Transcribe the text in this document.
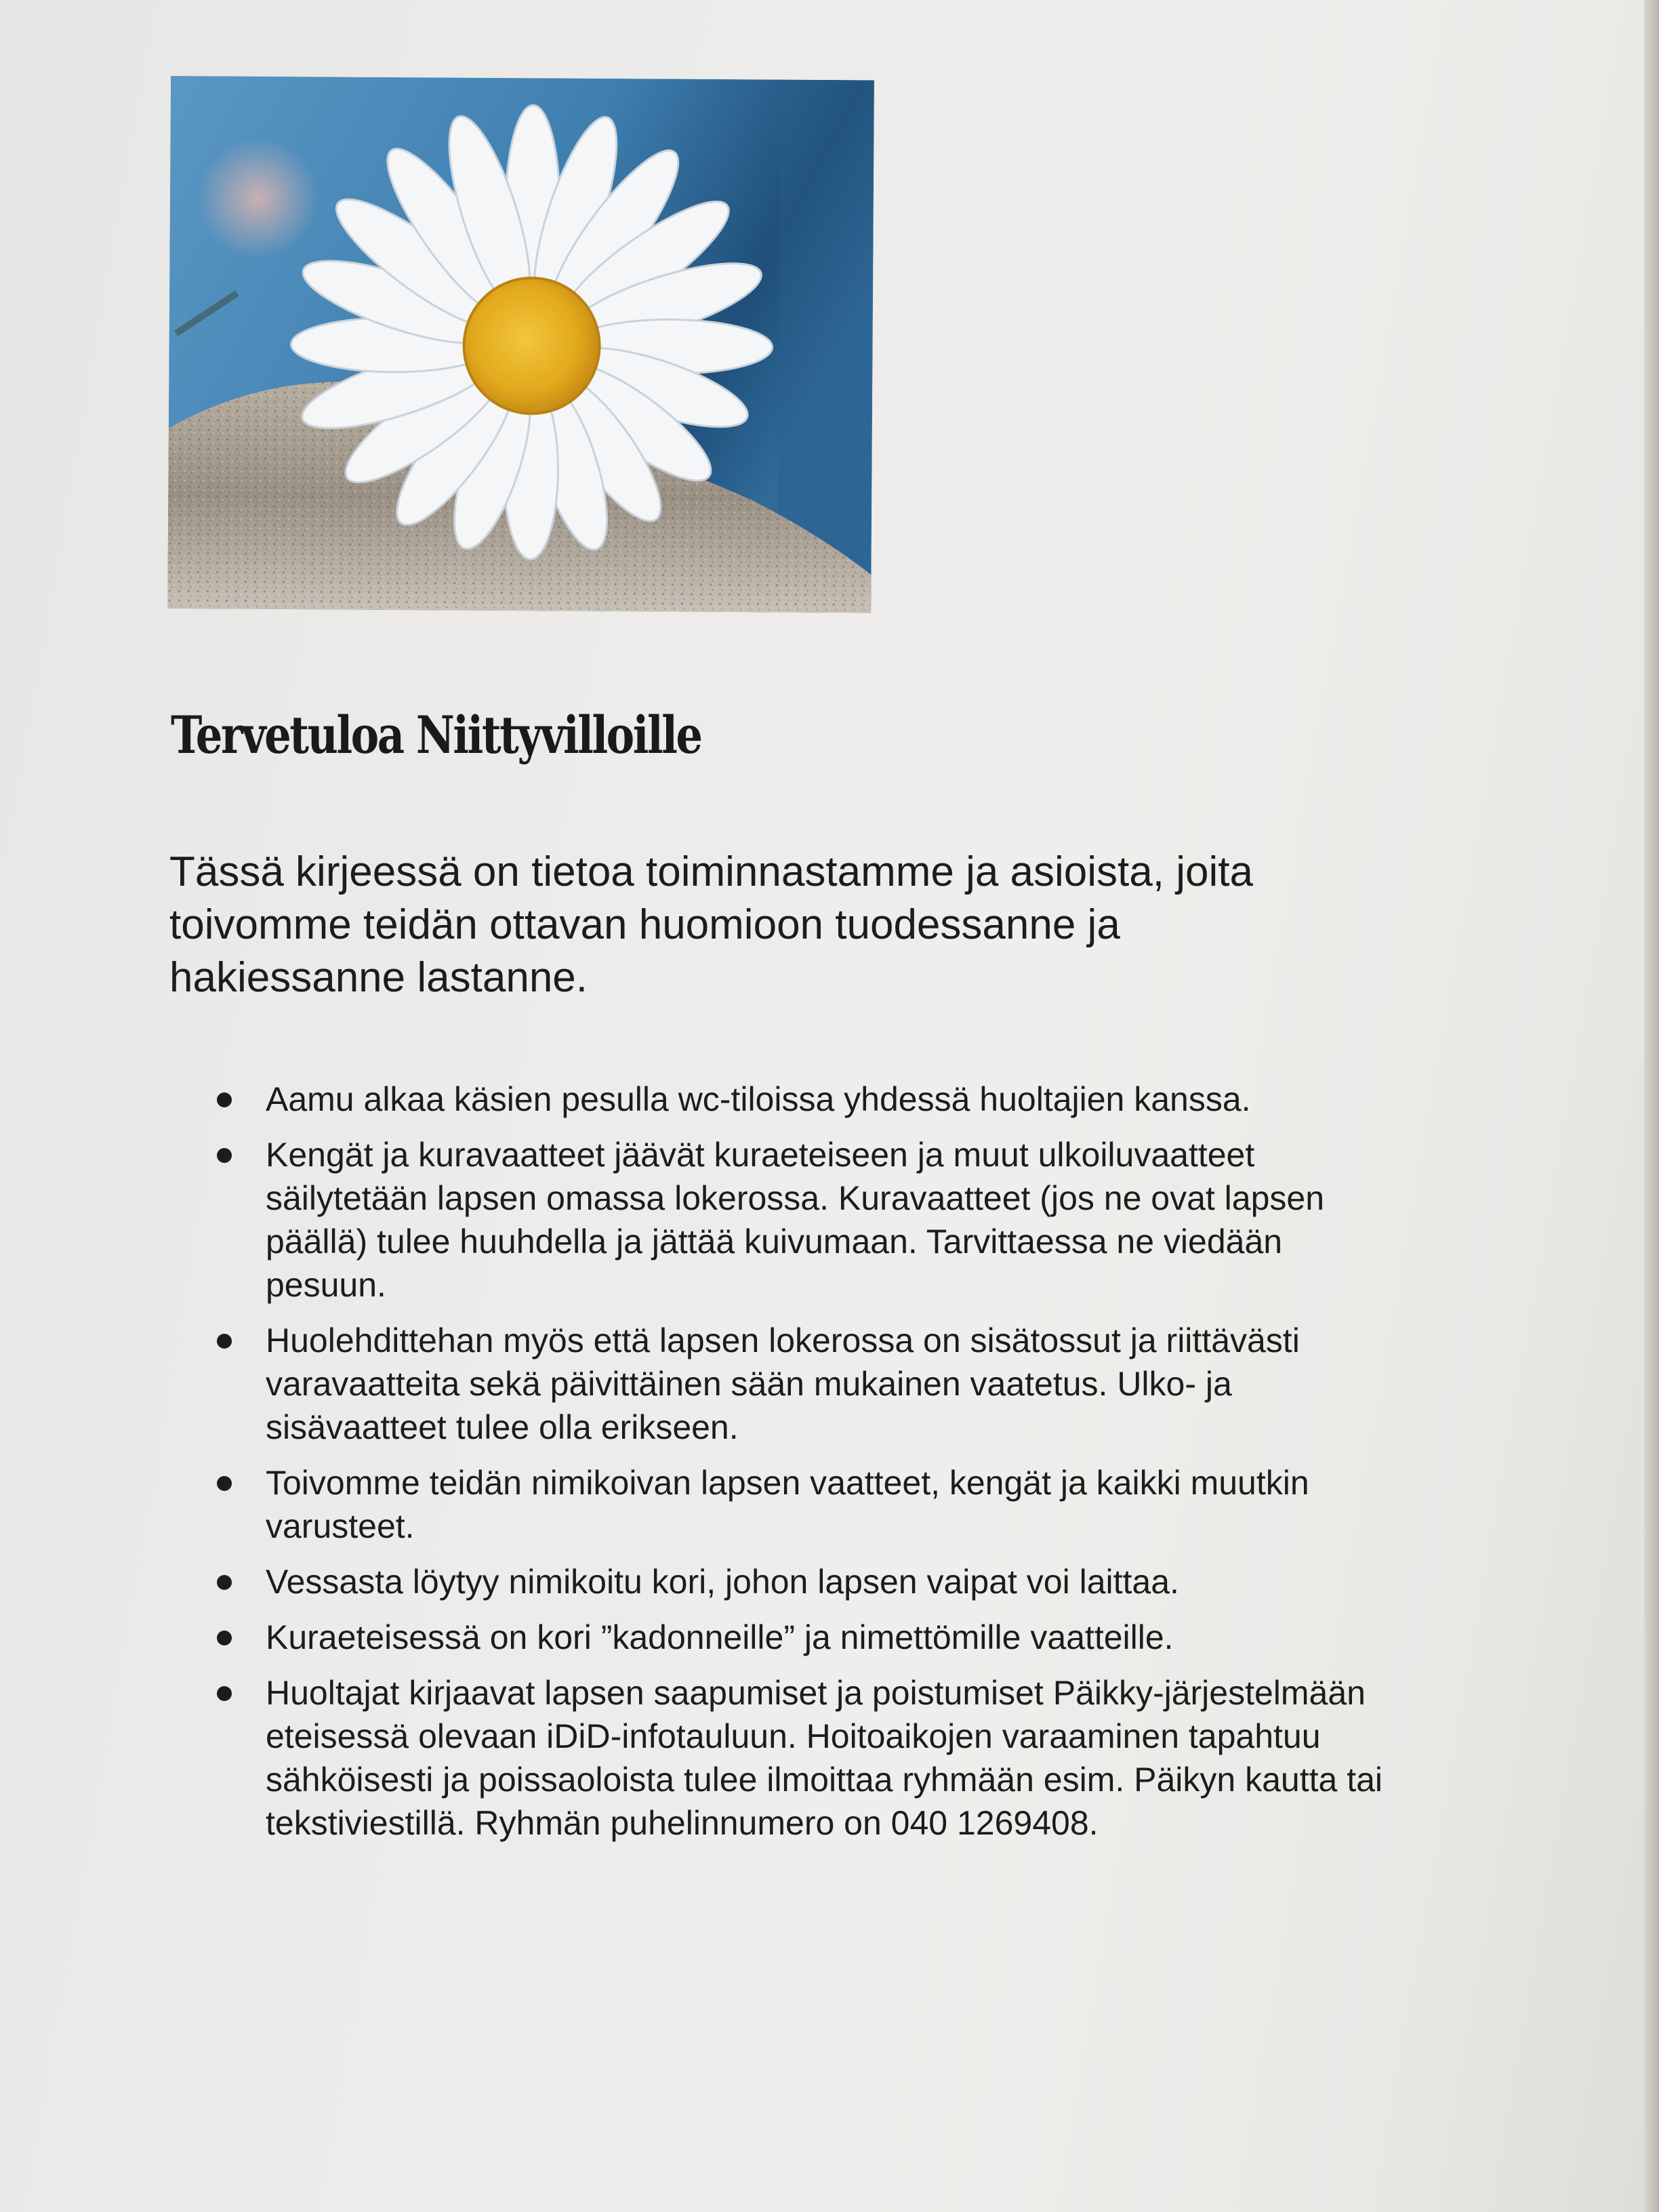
Tervetuloa Niittyvilloille

Tässä kirjeessä on tietoa toiminnastamme ja asioista, joita
toivomme teidän ottavan huomioon tuodessanne ja
hakiessanne lastanne.

Aamu alkaa käsien pesulla wc-tiloissa yhdessä huoltajien kanssa.
Kengät ja kuravaatteet jäävät kuraeteiseen ja muut ulkoiluvaatteet
säilytetään lapsen omassa lokerossa. Kuravaatteet (jos ne ovat lapsen
päällä) tulee huuhdella ja jättää kuivumaan. Tarvittaessa ne viedään
pesuun.
Huolehdittehan myös että lapsen lokerossa on sisätossut ja riittävästi
varavaatteita sekä päivittäinen sään mukainen vaatetus. Ulko- ja
sisävaatteet tulee olla erikseen.
Toivomme teidän nimikoivan lapsen vaatteet, kengät ja kaikki muutkin
varusteet.
Vessasta löytyy nimikoitu kori, johon lapsen vaipat voi laittaa.
Kuraeteisessä on kori ”kadonneille” ja nimettömille vaatteille.
Huoltajat kirjaavat lapsen saapumiset ja poistumiset Päikky-järjestelmään
eteisessä olevaan iDiD-infotauluun. Hoitoaikojen varaaminen tapahtuu
sähköisesti ja poissaoloista tulee ilmoittaa ryhmään esim. Päikyn kautta tai
tekstiviestillä. Ryhmän puhelinnumero on 040 1269408.
